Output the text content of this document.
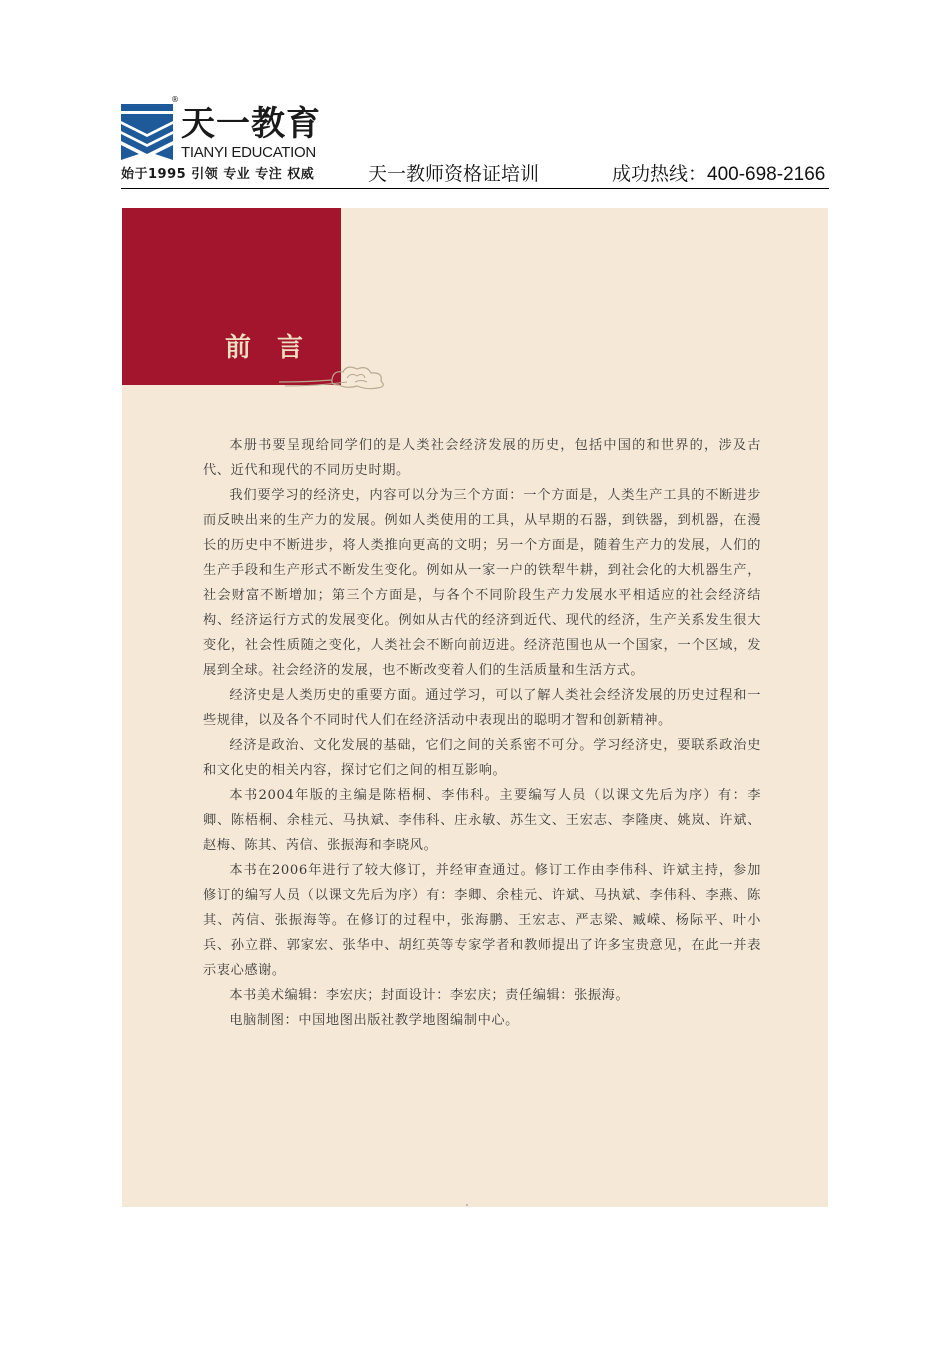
®
天一教育
TIANYI EDUCATION
始于1995 引领 专业 专注 权威	天一教师资格证培训	成功热线：400-698-2166
前言

本册书要呈现给同学们的是人类社会经济发展的历史，包括中国的和世界的，涉及古代、近代和现代的不同历史时期。

我们要学习的经济史，内容可以分为三个方面：一个方面是，人类生产工具的不断进步而反映出来的生产力的发展。例如人类使用的工具，从早期的石器，到铁器，到机器，在漫长的历史中不断进步，将人类推向更高的文明；另一个方面是，随着生产力的发展，人们的生产手段和生产形式不断发生变化。例如从一家一户的铁犁牛耕，到社会化的大机器生产，社会财富不断增加；第三个方面是，与各个不同阶段生产力发展水平相适应的社会经济结构、经济运行方式的发展变化。例如从古代的经济到近代、现代的经济，生产关系发生很大变化，社会性质随之变化，人类社会不断向前迈进。经济范围也从一个国家，一个区域，发展到全球。社会经济的发展，也不断改变着人们的生活质量和生活方式。

经济史是人类历史的重要方面。通过学习，可以了解人类社会经济发展的历史过程和一些规律，以及各个不同时代人们在经济活动中表现出的聪明才智和创新精神。

经济是政治、文化发展的基础，它们之间的关系密不可分。学习经济史，要联系政治史和文化史的相关内容，探讨它们之间的相互影响。

本书2004年版的主编是陈梧桐、李伟科。主要编写人员（以课文先后为序）有：李卿、陈梧桐、余桂元、马执斌、李伟科、庄永敏、苏生文、王宏志、李隆庚、姚岚、许斌、赵梅、陈其、芮信、张振海和李晓风。

本书在2006年进行了较大修订，并经审查通过。修订工作由李伟科、许斌主持，参加修订的编写人员（以课文先后为序）有：李卿、余桂元、许斌、马执斌、李伟科、李燕、陈其、芮信、张振海等。在修订的过程中，张海鹏、王宏志、严志梁、臧嵘、杨际平、叶小兵、孙立群、郭家宏、张华中、胡红英等专家学者和教师提出了许多宝贵意见，在此一并表示衷心感谢。

本书美术编辑：李宏庆；封面设计：李宏庆；责任编辑：张振海。

电脑制图：中国地图出版社教学地图编制中心。
